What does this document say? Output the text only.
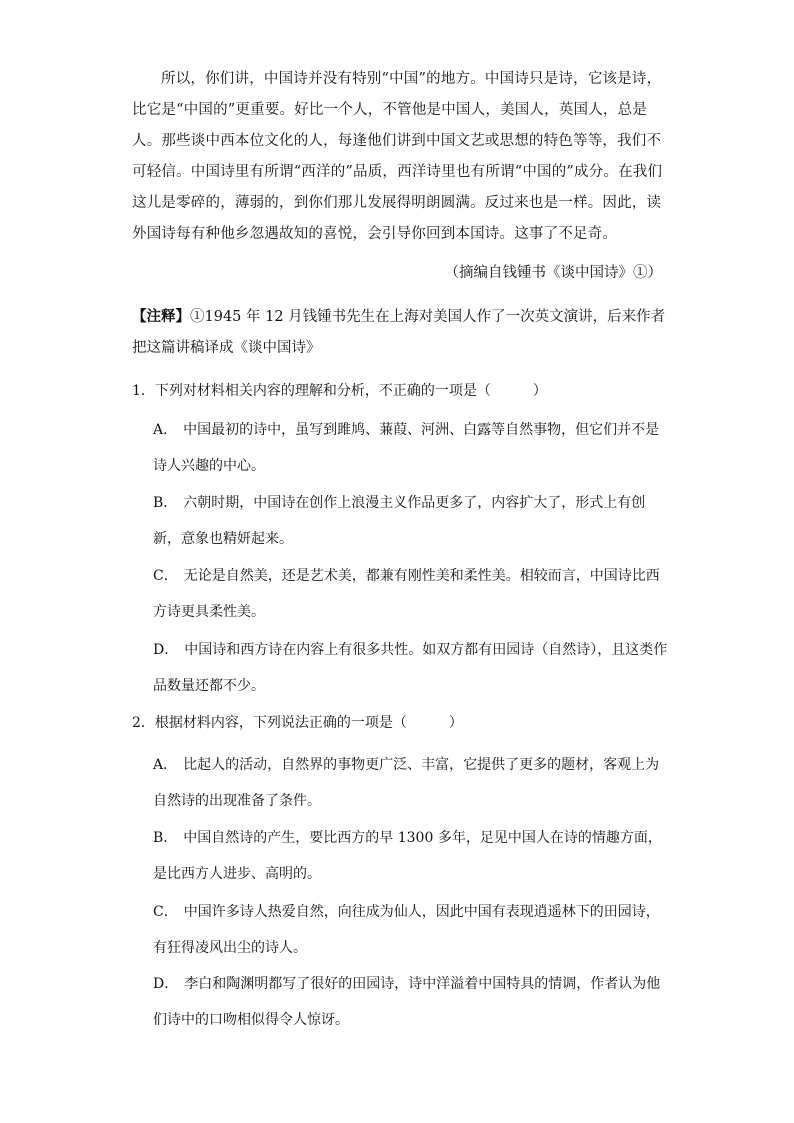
所以，你们讲，中国诗并没有特别“中国”的地方。中国诗只是诗，它该是诗，比它是“中国的”更重要。好比一个人，不管他是中国人，美国人，英国人，总是人。那些谈中西本位文化的人，每逢他们讲到中国文艺或思想的特色等等，我们不可轻信。中国诗里有所谓“西洋的”品质，西洋诗里也有所谓“中国的”成分。在我们这儿是零碎的，薄弱的，到你们那儿发展得明朗圆满。反过来也是一样。因此，读外国诗每有种他乡忽遇故知的喜悦，会引导你回到本国诗。这事了不足奇。
（摘编自钱锺书《谈中国诗》①）
【注释】①1945 年 12 月钱锺书先生在上海对美国人作了一次英文演讲，后来作者把这篇讲稿译成《谈中国诗》
1．下列对材料相关内容的理解和分析，不正确的一项是（　　　）
A． 中国最初的诗中，虽写到雎鸠、蒹葭、河洲、白露等自然事物，但它们并不是诗人兴趣的中心。
B． 六朝时期，中国诗在创作上浪漫主义作品更多了，内容扩大了，形式上有创新，意象也精妍起来。
C． 无论是自然美，还是艺术美，都兼有刚性美和柔性美。相较而言，中国诗比西方诗更具柔性美。
D． 中国诗和西方诗在内容上有很多共性。如双方都有田园诗（自然诗），且这类作品数量还都不少。
2．根据材料内容，下列说法正确的一项是（　　　）
A． 比起人的活动，自然界的事物更广泛、丰富，它提供了更多的题材，客观上为自然诗的出现准备了条件。
B． 中国自然诗的产生，要比西方的早 1300 多年，足见中国人在诗的情趣方面，是比西方人进步、高明的。
C． 中国许多诗人热爱自然，向往成为仙人，因此中国有表现逍遥林下的田园诗，有狂得凌风出尘的诗人。
D． 李白和陶渊明都写了很好的田园诗，诗中洋溢着中国特具的情调，作者认为他们诗中的口吻相似得令人惊讶。
